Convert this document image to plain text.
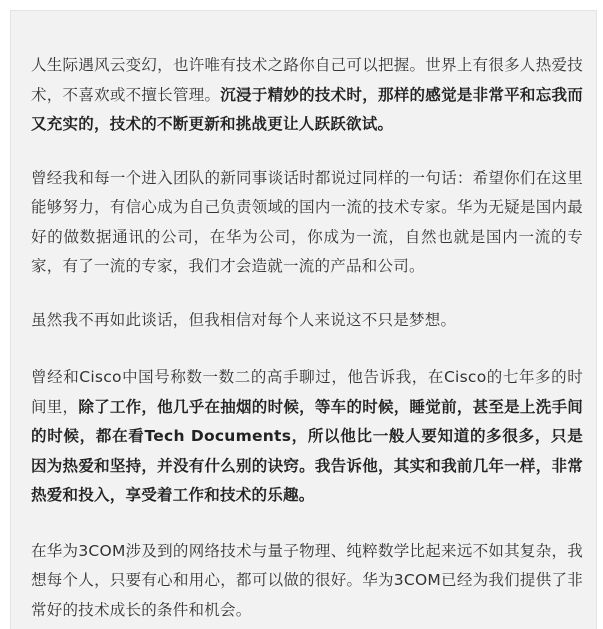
人生际遇风云变幻，也许唯有技术之路你自己可以把握。世界上有很多人热爱技术，不喜欢或不擅长管理。沉浸于精妙的技术时，那样的感觉是非常平和忘我而又充实的，技术的不断更新和挑战更让人跃跃欲试。

曾经我和每一个进入团队的新同事谈话时都说过同样的一句话：希望你们在这里能够努力，有信心成为自己负责领域的国内一流的技术专家。华为无疑是国内最好的做数据通讯的公司，在华为公司，你成为一流，自然也就是国内一流的专家，有了一流的专家，我们才会造就一流的产品和公司。

虽然我不再如此谈话，但我相信对每个人来说这不只是梦想。

曾经和Cisco中国号称数一数二的高手聊过，他告诉我，在Cisco的七年多的时间里，除了工作，他几乎在抽烟的时候，等车的时候，睡觉前，甚至是上洗手间的时候，都在看Tech Documents，所以他比一般人要知道的多很多，只是因为热爱和坚持，并没有什么别的诀窍。我告诉他，其实和我前几年一样，非常热爱和投入，享受着工作和技术的乐趣。

在华为3COM涉及到的网络技术与量子物理、纯粹数学比起来远不如其复杂，我想每个人，只要有心和用心，都可以做的很好。华为3COM已经为我们提供了非常好的技术成长的条件和机会。
